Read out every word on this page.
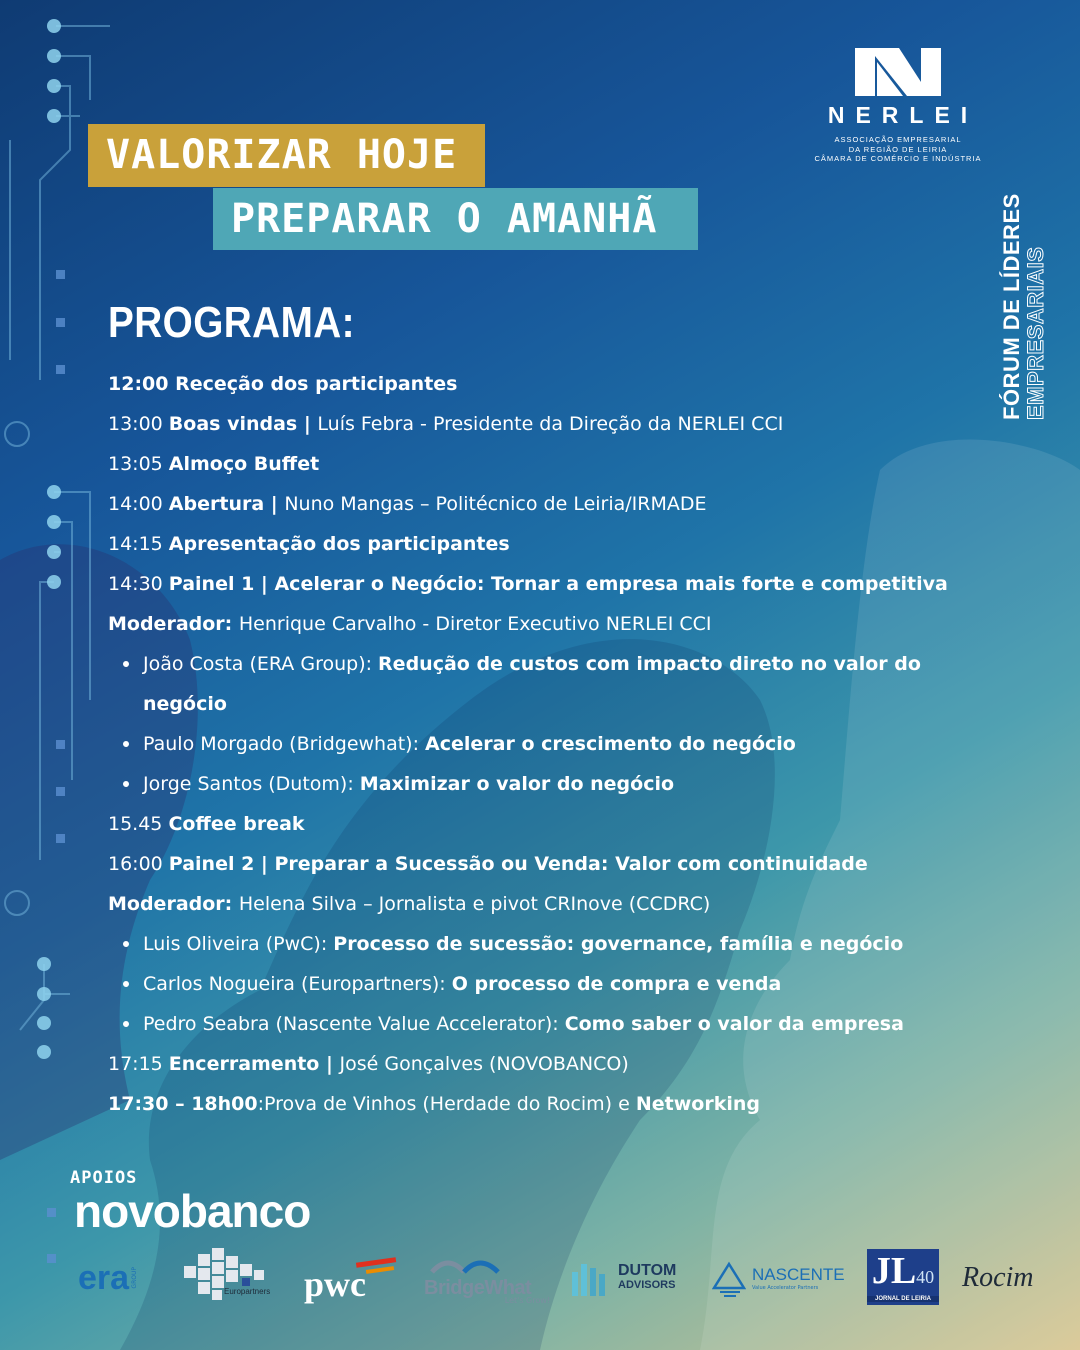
VALORIZAR HOJE
PREPARAR O AMANHÃ
NERLEI
ASSOCIAÇÃO EMPRESARIAL
DA REGIÃO DE LEIRIA
CÂMARA DE COMÉRCIO E INDÚSTRIA
FÓRUM DE LÍDERES EMPRESARIAIS
PROGRAMA:
12:00 Receção dos participantes
13:00 Boas vindas | Luís Febra - Presidente da Direção da NERLEI CCI
13:05 Almoço Buffet
14:00 Abertura | Nuno Mangas – Politécnico de Leiria/IRMADE
14:15 Apresentação dos participantes
14:30 Painel 1 | Acelerar o Negócio: Tornar a empresa mais forte e competitiva
Moderador: Henrique Carvalho - Diretor Executivo NERLEI CCI
João Costa (ERA Group): Redução de custos com impacto direto no valor do
negócio
Paulo Morgado (Bridgewhat): Acelerar o crescimento do negócio
Jorge Santos (Dutom): Maximizar o valor do negócio
15.45 Coffee break
16:00 Painel 2 | Preparar a Sucessão ou Venda: Valor com continuidade
Moderador: Helena Silva – Jornalista e pivot CRInove (CCDRC)
Luis Oliveira (PwC): Processo de sucessão: governance, família e negócio
Carlos Nogueira (Europartners): O processo de compra e venda
Pedro Seabra (Nascente Value Accelerator): Como saber o valor da empresa
17:15 Encerramento | José Gonçalves (NOVOBANCO)
17:30 – 18h00:Prova de Vinhos (Herdade do Rocim) e Networking
APOIOS
novobanco
era GROUP
Europartners pwc	BridgeWhat
Let's Grow!
DUTOM
ADVISORS
NASCENTE
Value Accelerator Partners	JL40
JORNAL DE LEIRIA
Rocim
